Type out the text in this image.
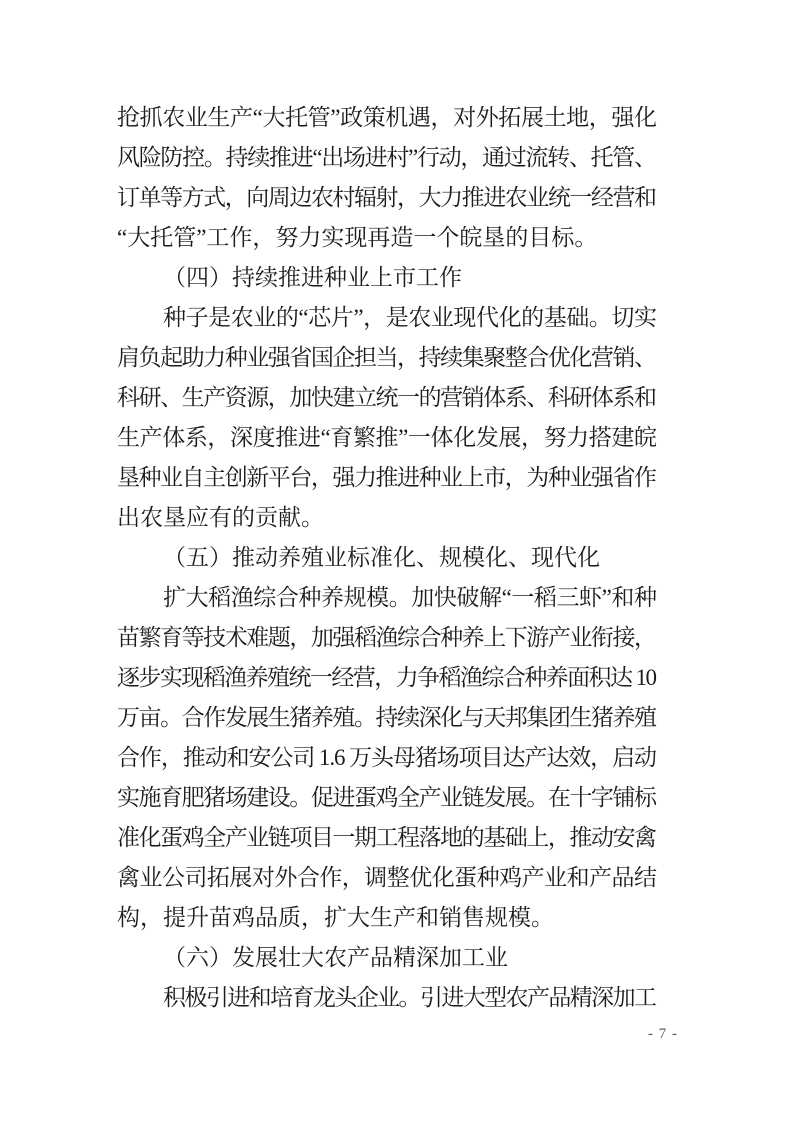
抢抓农业生产“大托管”政策机遇，对外拓展土地，强化
风险防控。持续推进“出场进村”行动，通过流转、托管、
订单等方式，向周边农村辐射，大力推进农业统一经营和
“大托管”工作，努力实现再造一个皖垦的目标。
（四）持续推进种业上市工作
种子是农业的“芯片”，是农业现代化的基础。切实
肩负起助力种业强省国企担当，持续集聚整合优化营销、
科研、生产资源，加快建立统一的营销体系、科研体系和
生产体系，深度推进“育繁推”一体化发展，努力搭建皖
垦种业自主创新平台，强力推进种业上市，为种业强省作
出农垦应有的贡献。
（五）推动养殖业标准化、规模化、现代化
扩大稻渔综合种养规模。加快破解“一稻三虾”和种
苗繁育等技术难题，加强稻渔综合种养上下游产业衔接，
逐步实现稻渔养殖统一经营，力争稻渔综合种养面积达 10
万亩。合作发展生猪养殖。持续深化与天邦集团生猪养殖
合作，推动和安公司 1.6 万头母猪场项目达产达效，启动
实施育肥猪场建设。促进蛋鸡全产业链发展。在十字铺标
准化蛋鸡全产业链项目一期工程落地的基础上，推动安禽
禽业公司拓展对外合作，调整优化蛋种鸡产业和产品结
构，提升苗鸡品质，扩大生产和销售规模。
（六）发展壮大农产品精深加工业
积极引进和培育龙头企业。引进大型农产品精深加工
- 7 -
